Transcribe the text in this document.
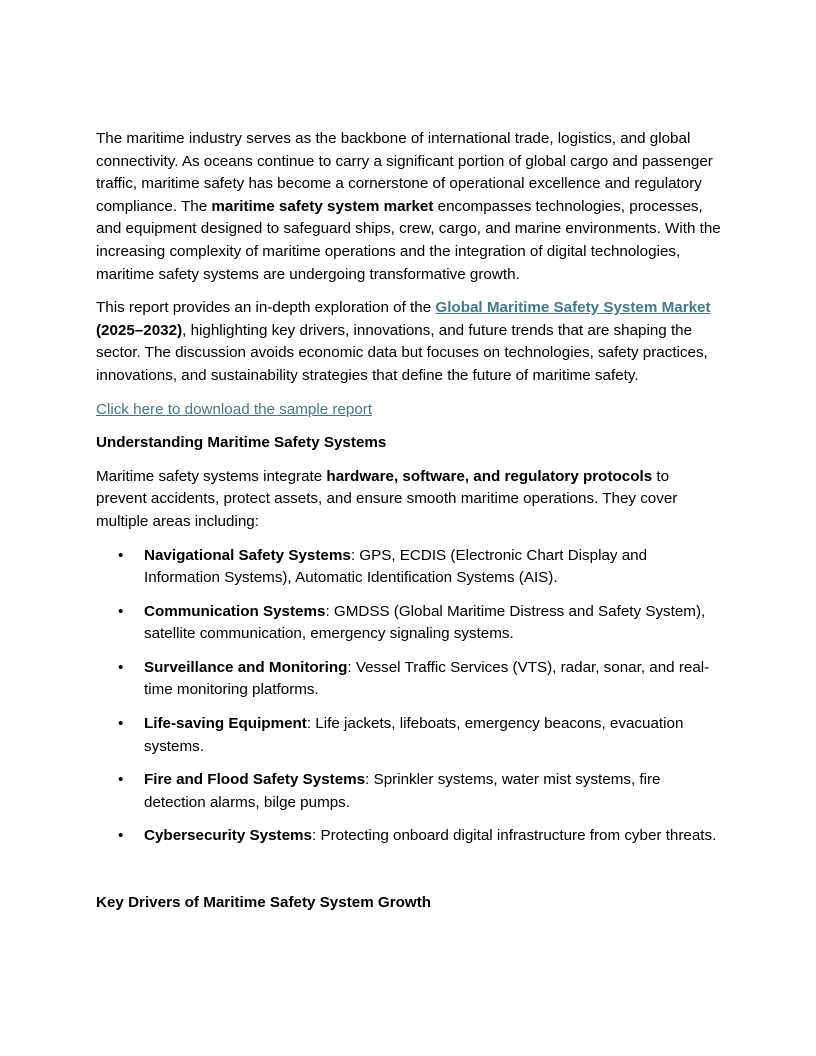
The maritime industry serves as the backbone of international trade, logistics, and global connectivity. As oceans continue to carry a significant portion of global cargo and passenger traffic, maritime safety has become a cornerstone of operational excellence and regulatory compliance. The maritime safety system market encompasses technologies, processes, and equipment designed to safeguard ships, crew, cargo, and marine environments. With the increasing complexity of maritime operations and the integration of digital technologies, maritime safety systems are undergoing transformative growth.

This report provides an in-depth exploration of the Global Maritime Safety System Market (2025–2032), highlighting key drivers, innovations, and future trends that are shaping the sector. The discussion avoids economic data but focuses on technologies, safety practices, innovations, and sustainability strategies that define the future of maritime safety.

Click here to download the sample report

Understanding Maritime Safety Systems

Maritime safety systems integrate hardware, software, and regulatory protocols to prevent accidents, protect assets, and ensure smooth maritime operations. They cover multiple areas including:

• Navigational Safety Systems: GPS, ECDIS (Electronic Chart Display and Information Systems), Automatic Identification Systems (AIS).
• Communication Systems: GMDSS (Global Maritime Distress and Safety System), satellite communication, emergency signaling systems.
• Surveillance and Monitoring: Vessel Traffic Services (VTS), radar, sonar, and real-time monitoring platforms.
• Life-saving Equipment: Life jackets, lifeboats, emergency beacons, evacuation systems.
• Fire and Flood Safety Systems: Sprinkler systems, water mist systems, fire detection alarms, bilge pumps.
• Cybersecurity Systems: Protecting onboard digital infrastructure from cyber threats.

Key Drivers of Maritime Safety System Growth
